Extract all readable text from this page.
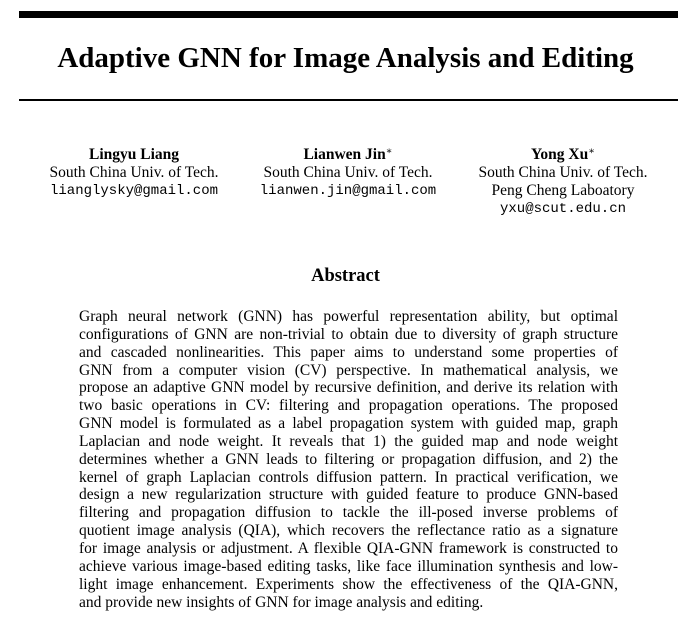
Adaptive GNN for Image Analysis and Editing
Lingyu Liang
South China Univ. of Tech.
lianglysky@gmail.com
Lianwen Jin∗
South China Univ. of Tech.
lianwen.jin@gmail.com
Yong Xu∗
South China Univ. of Tech.
Peng Cheng Laboatory
yxu@scut.edu.cn
Abstract
Graph neural network (GNN) has powerful representation ability, but optimal
configurations of GNN are non-trivial to obtain due to diversity of graph structure
and cascaded nonlinearities. This paper aims to understand some properties of
GNN from a computer vision (CV) perspective. In mathematical analysis, we
propose an adaptive GNN model by recursive definition, and derive its relation with
two basic operations in CV: filtering and propagation operations. The proposed
GNN model is formulated as a label propagation system with guided map, graph
Laplacian and node weight. It reveals that 1) the guided map and node weight
determines whether a GNN leads to filtering or propagation diffusion, and 2) the
kernel of graph Laplacian controls diffusion pattern. In practical verification, we
design a new regularization structure with guided feature to produce GNN-based
filtering and propagation diffusion to tackle the ill-posed inverse problems of
quotient image analysis (QIA), which recovers the reflectance ratio as a signature
for image analysis or adjustment. A flexible QIA-GNN framework is constructed to
achieve various image-based editing tasks, like face illumination synthesis and low-
light image enhancement. Experiments show the effectiveness of the QIA-GNN,
and provide new insights of GNN for image analysis and editing.
